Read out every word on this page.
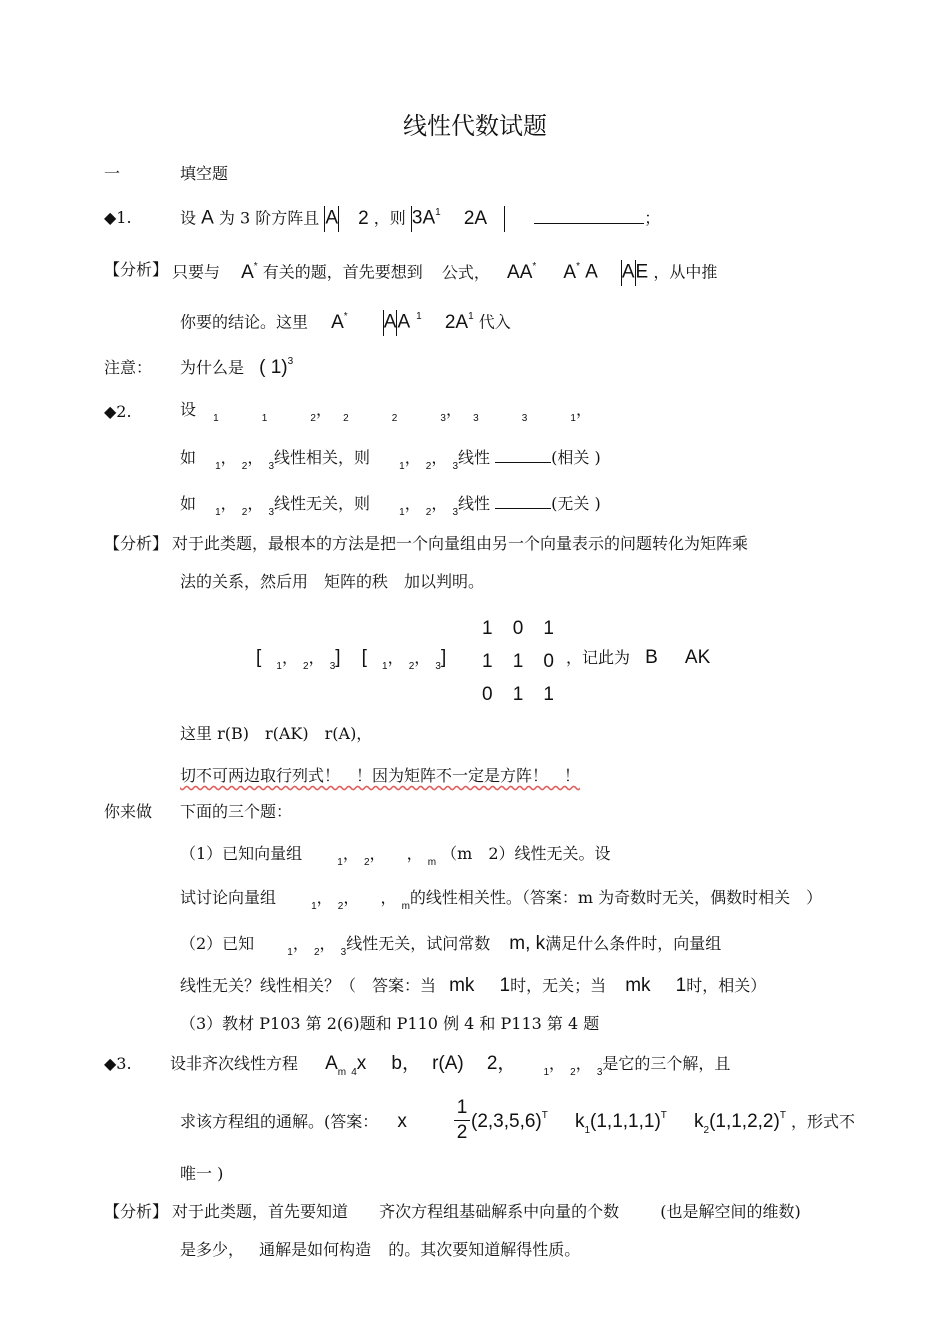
线性代数试题
一	填空题
◆1.	设 A 为 3 阶方阵且 A 2 ，则 $3A^1$ 2A	；
【分析】 只要与 A* 有关的题，首先要想到 公式， AA* A* A AE ，从中推
你要的结论。这里 A* AA $^1$ $2A^1$ 代入
注意： 为什么是 ( 1)$^3$
◆2.	设 $_1$	$_1$	$_2$， $_2$	$_2$	$_3$， $_3$	$_3$	$_1$，
如 $_1$， $_2$， $_3$线性相关，则	$_1$， $_2$， $_3$线性	(相关 )
如 $_1$， $_2$， $_3$线性无关，则	$_1$， $_2$， $_3$线性	(无关 )
【分析】 对于此类题，最根本的方法是把一个向量组由另一个向量表示的问题转化为矩阵乘
法的关系，然后用　矩阵的秩　加以判明。
[ $_1$， $_2$， $_3$] [ $_1$， $_2$， $_3$]
1 0 1
1 1 0
0 1 1
，记此为 B AK
这里 r(B)　r(AK)　r(A)，
切不可两边取行列式！　！因为矩阵不一定是方阵！　！
你来做 下面的三个题：
（1）已知向量组	$_1$， $_2$， ， $_m$ （m　2）线性无关。设
试讨论向量组	$_1$， $_2$， ， $_m$的线性相关性。（答案：m 为奇数时无关，偶数时相关　）
（2）已知	$_1$， $_2$， $_3$线性无关，试问常数 m, k满足什么条件时，向量组
线性无关？线性相关？（　答案：当 mk 1时，无关；当 mk 1时，相关）
（3）教材 P103 第 2(6)题和 P110 例 4 和 P113 第 4 题
◆3. 设非齐次线性方程 $A_m$ $_4$x b， r(A) 2，	$_1$， $_2$， $_3$是它的三个解，且
求该方程组的通解。(答案： x
1
2
$(2,3,5,6)^T$ $k_1(1,1,1,1)^T$ $k_2(1,1,2,2)^T$ ，形式不
唯一 )
【分析】 对于此类题，首先要知道 齐次方程组基础解系中向量的个数	(也是解空间的维数)
是多少， 通解是如何构造 的。其次要知道解得性质。
